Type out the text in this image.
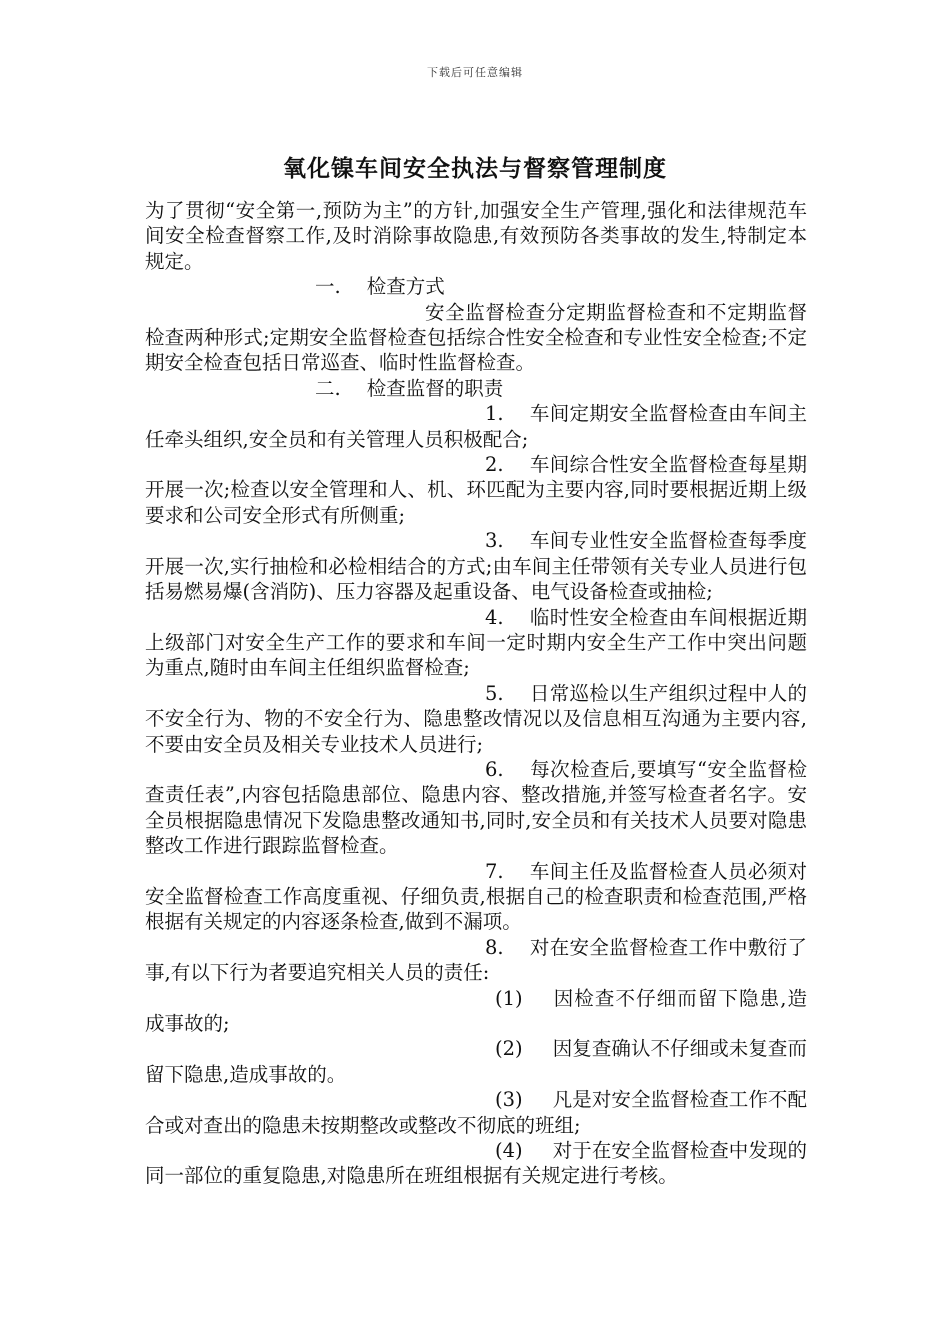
下载后可任意编辑
氧化镍车间安全执法与督察管理制度

为了贯彻“安全第一,预防为主”的方针,加强安全生产管理,强化和法律规范车间安全检查督察工作,及时消除事故隐患,有效预防各类事故的发生,特制定本规定。

一. 检查方式

安全监督检查分定期监督检查和不定期监督检查两种形式;定期安全监督检查包括综合性安全检查和专业性安全检查;不定期安全检查包括日常巡查、临时性监督检查。

二. 检查监督的职责

1. 车间定期安全监督检查由车间主任牵头组织,安全员和有关管理人员积极配合;

2. 车间综合性安全监督检查每星期开展一次;检查以安全管理和人、机、环匹配为主要内容,同时要根据近期上级要求和公司安全形式有所侧重;

3. 车间专业性安全监督检查每季度开展一次,实行抽检和必检相结合的方式;由车间主任带领有关专业人员进行包括易燃易爆(含消防)、压力容器及起重设备、电气设备检查或抽检;

4. 临时性安全检查由车间根据近期上级部门对安全生产工作的要求和车间一定时期内安全生产工作中突出问题为重点,随时由车间主任组织监督检查;

5. 日常巡检以生产组织过程中人的不安全行为、物的不安全行为、隐患整改情况以及信息相互沟通为主要内容,不要由安全员及相关专业技术人员进行;

6. 每次检查后,要填写“安全监督检查责任表”,内容包括隐患部位、隐患内容、整改措施,并签写检查者名字。安全员根据隐患情况下发隐患整改通知书,同时,安全员和有关技术人员要对隐患整改工作进行跟踪监督检查。

7. 车间主任及监督检查人员必须对安全监督检查工作高度重视、仔细负责,根据自己的检查职责和检查范围,严格根据有关规定的内容逐条检查,做到不漏项。

8. 对在安全监督检查工作中敷衍了事,有以下行为者要追究相关人员的责任:

(1) 因检查不仔细而留下隐患,造成事故的;

(2) 因复查确认不仔细或未复查而留下隐患,造成事故的。

(3) 凡是对安全监督检查工作不配合或对查出的隐患未按期整改或整改不彻底的班组;

(4) 对于在安全监督检查中发现的同一部位的重复隐患,对隐患所在班组根据有关规定进行考核。
